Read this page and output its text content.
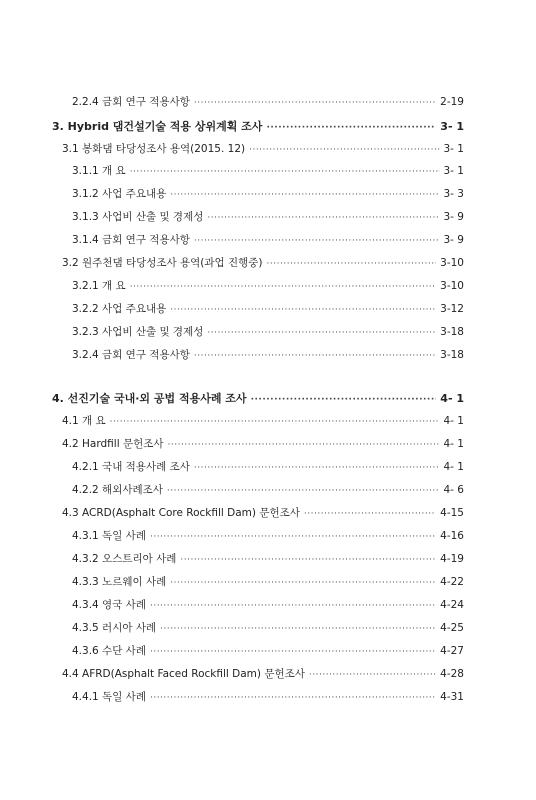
2.2.4 금회 연구 적용사항 ·····	2-19
3. Hybrid 댐건설기술 적용 상위계획 조사 ·····	3- 1
3.1 봉화댐 타당성조사 용역(2015. 12) ·····	3- 1
3.1.1 개 요 ·····	3- 1
3.1.2 사업 주요내용 ·····	3- 3
3.1.3 사업비 산출 및 경제성 ·····	3- 9
3.1.4 금회 연구 적용사항 ·····	3- 9
3.2 원주천댐 타당성조사 용역(과업 진행중) ·····	3-10
3.2.1 개 요 ·····	3-10
3.2.2 사업 주요내용 ·····	3-12
3.2.3 사업비 산출 및 경제성 ·····	3-18
3.2.4 금회 연구 적용사항 ·····	3-18
4. 선진기술 국내·외 공법 적용사례 조사 ·····	4- 1
4.1 개 요 ·····	4- 1
4.2 Hardfill 문헌조사 ·····	4- 1
4.2.1 국내 적용사례 조사 ·····	4- 1
4.2.2 해외사례조사 ·····	4- 6
4.3 ACRD(Asphalt Core Rockfill Dam) 문헌조사 ·····	4-15
4.3.1 독일 사례 ·····	4-16
4.3.2 오스트리아 사례 ·····	4-19
4.3.3 노르웨이 사례 ·····	4-22
4.3.4 영국 사례 ·····	4-24
4.3.5 러시아 사례 ·····	4-25
4.3.6 수단 사례 ·····	4-27
4.4 AFRD(Asphalt Faced Rockfill Dam) 문헌조사 ·····	4-28
4.4.1 독일 사례 ·····	4-31
